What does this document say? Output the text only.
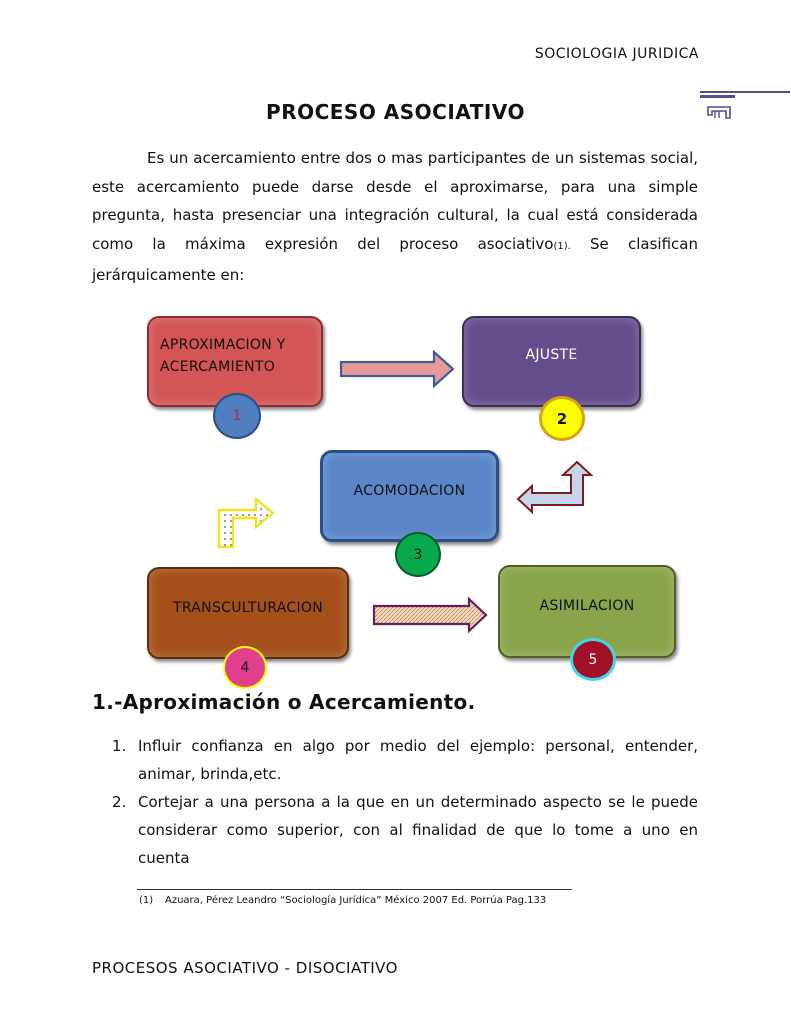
SOCIOLOGIA JURIDICA
PROCESO ASOCIATIVO
Es un acercamiento entre dos o mas participantes de un sistemas social, este acercamiento puede darse desde el aproximarse, para una simple pregunta, hasta presenciar una integración cultural, la cual está considerada como la máxima expresión del proceso asociativo(1). Se clasifican jerárquicamente en:
APROXIMACION Y ACERCAMIENTO
AJUSTE
ACOMODACION
TRANSCULTURACION	ASIMILACION
1	2
3
4	5
1.-Aproximación o Acercamiento.
1. Influir confianza en algo por medio del ejemplo: personal, entender, animar, brinda,etc.
2. Cortejar a una persona a la que en un determinado aspecto se le puede considerar como superior, con al finalidad de que lo tome a uno en cuenta
(1) Azuara, Pérez Leandro “Sociología Jurídica” México 2007 Ed. Porrúa Pag.133
PROCESOS ASOCIATIVO - DISOCIATIVO
